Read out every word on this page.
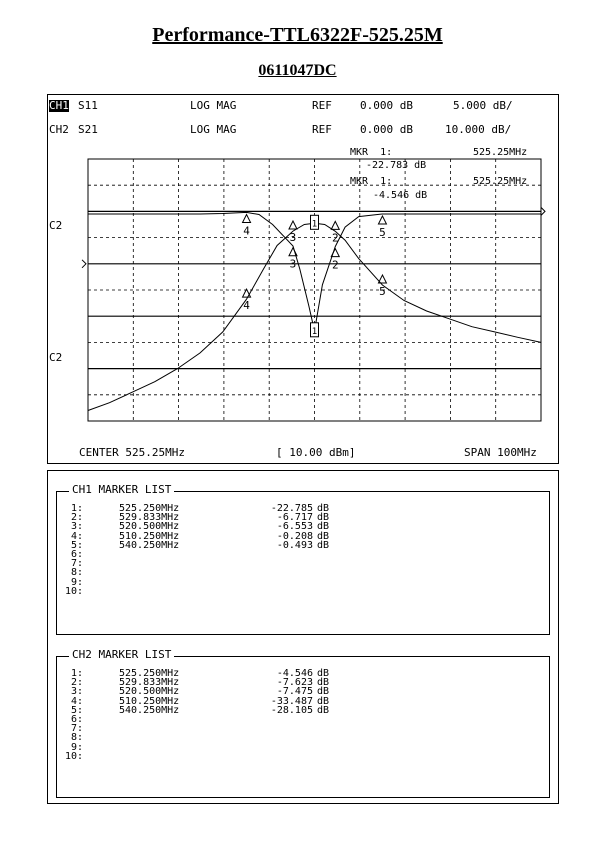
Performance-TTL6322F-525.25M
0611047DC
CH1 S11	LOG MAG	REF	0.000 dB	5.000 dB/
CH2 S21	LOG MAG	REF	0.000 dB	10.000 dB/
MKR  1:	525.25MHz
-22.783 dB
MKR  1:	525.25MHz
-4.546 dB
C2
C2
1
2
3
4
5
1
2
3
4	5
CENTER 525.25MHz	[ 10.00 dBm]	SPAN 100MHz
CH1 MARKER LIST
1:	525.250MHz	-22.785 dB
2:	529.833MHz	-6.717 dB
3:	520.500MHz	-6.553 dB
4:	510.250MHz	-0.208 dB
5:	540.250MHz	-0.493 dB
6:
7:
8:
9:
10:
CH2 MARKER LIST
1:	525.250MHz	-4.546 dB
2:	529.833MHz	-7.623 dB
3:	520.500MHz	-7.475 dB
4:	510.250MHz	-33.487 dB
5:	540.250MHz	-28.105 dB
6:
7:
8:
9:
10:
